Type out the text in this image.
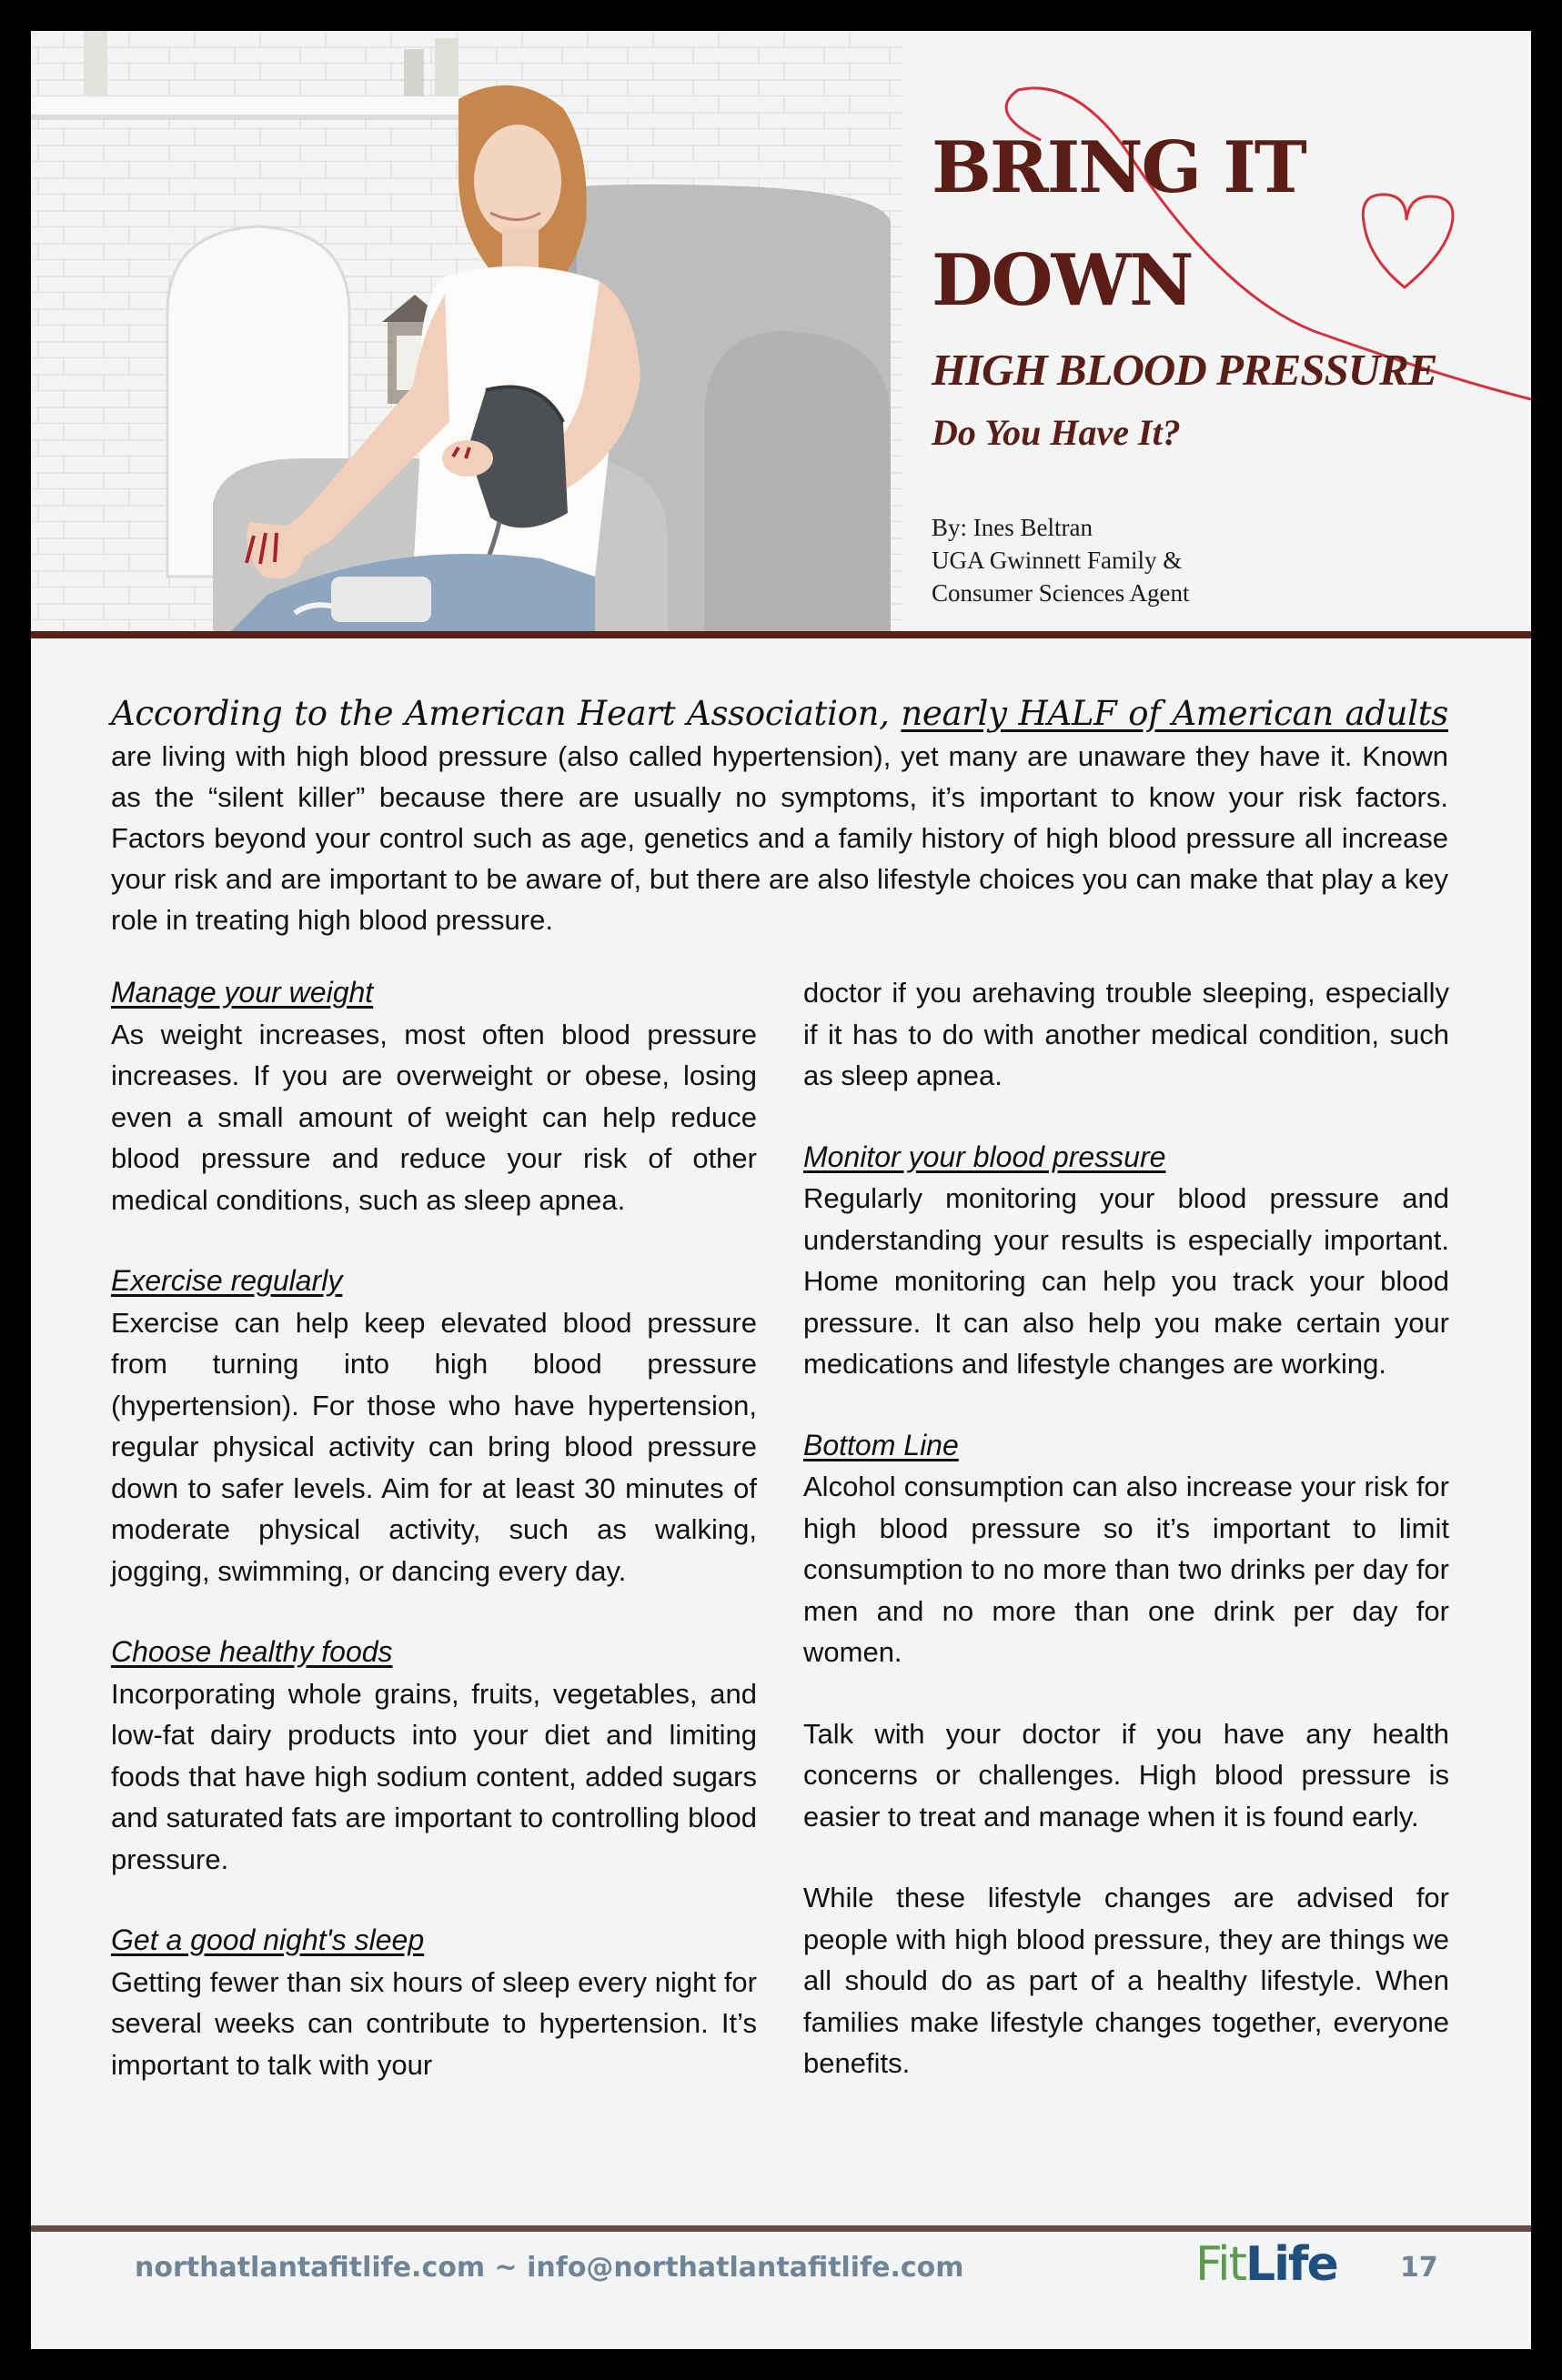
BRING IT
DOWN
HIGH BLOOD PRESSURE
Do You Have It?

By: Ines Beltran
UGA Gwinnett Family &
Consumer Sciences Agent

According to the American Heart Association, nearly HALF of American adults are living with high blood pressure (also called hypertension), yet many are unaware they have it. Known as the “silent killer” because there are usually no symptoms, it’s important to know your risk factors. Factors beyond your control such as age, genetics and a family history of high blood pressure all increase your risk and are important to be aware of, but there are also lifestyle choices you can make that play a key role in treating high blood pressure.

Manage your weight

As weight increases, most often blood pressure increases. If you are overweight or obese, losing even a small amount of weight can help reduce blood pressure and reduce your risk of other medical conditions, such as sleep apnea.

Exercise regularly

Exercise can help keep elevated blood pressure from turning into high blood pressure (hypertension). For those who have hypertension, regular physical activity can bring blood pressure down to safer levels. Aim for at least 30 minutes of moderate physical activity, such as walking, jogging, swimming, or dancing every day.

Choose healthy foods

Incorporating whole grains, fruits, vegetables, and low-fat dairy products into your diet and limiting foods that have high sodium content, added sugars and saturated fats are important to controlling blood pressure.

Get a good night's sleep

Getting fewer than six hours of sleep every night for several weeks can contribute to hypertension. It’s important to talk with your

doctor if you arehaving trouble sleeping, especially if it has to do with another medical condition, such as sleep apnea.

Monitor your blood pressure

Regularly monitoring your blood pressure and understanding your results is especially important. Home monitoring can help you track your blood pressure. It can also help you make certain your medications and lifestyle changes are working.

Bottom Line

Alcohol consumption can also increase your risk for high blood pressure so it’s important to limit consumption to no more than two drinks per day for men and no more than one drink per day for women.

Talk with your doctor if you have any health concerns or challenges. High blood pressure is easier to treat and manage when it is found early.

While these lifestyle changes are advised for people with high blood pressure, they are things we all should do as part of a healthy lifestyle. When families make lifestyle changes together, everyone benefits.

northatlantafitlife.com ~ info@northatlantafitlife.com	FitLife 17
